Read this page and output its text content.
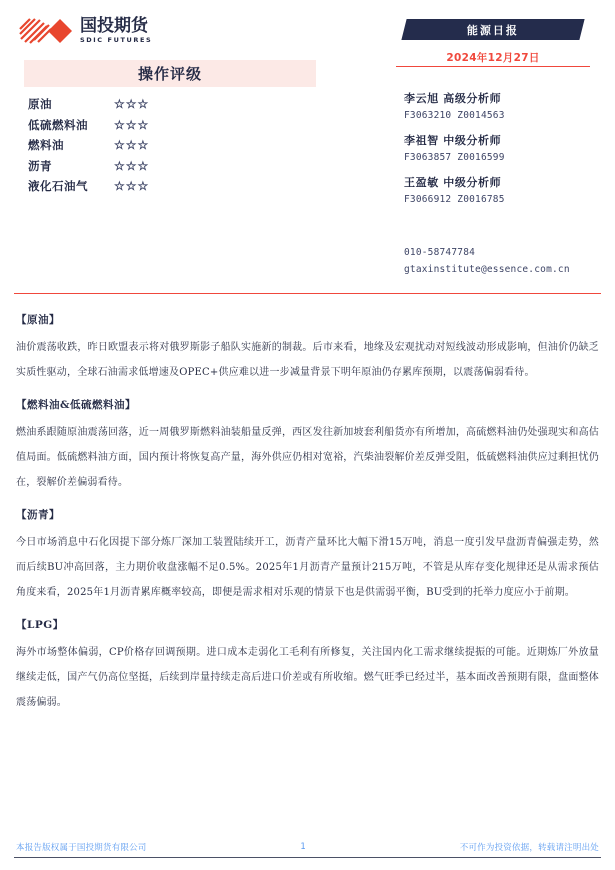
国投期货
SDIC FUTURES
操作评级
原油	☆☆☆
低硫燃料油	☆☆☆
燃料油	☆☆☆
沥青	☆☆☆
液化石油气	☆☆☆
能源日报
2024年12月27日
李云旭 高级分析师
F3063210 Z0014563
李祖智 中级分析师
F3063857 Z0016599
王盈敏 中级分析师
F3066912 Z0016785
010-58747784
gtaxinstitute@essence.com.cn
【原油】
油价震荡收跌，昨日欧盟表示将对俄罗斯影子船队实施新的制裁。后市来看，地缘及宏观扰动对短线波动形成影响，但油价仍缺乏实质性驱动，全球石油需求低增速及OPEC+供应难以进一步减量背景下明年原油仍存累库预期，以震荡偏弱看待。
【燃料油&低硫燃料油】
燃油系跟随原油震荡回落，近一周俄罗斯燃料油装船量反弹，西区发往新加坡套利船货亦有所增加，高硫燃料油仍处强现实和高估值局面。低硫燃料油方面，国内预计将恢复高产量，海外供应仍相对宽裕，汽柴油裂解价差反弹受阻，低硫燃料油供应过剩担忧仍在，裂解价差偏弱看待。
【沥青】
今日市场消息中石化因提下部分炼厂深加工装置陆续开工，沥青产量环比大幅下滑15万吨，消息一度引发早盘沥青偏强走势，然而后续BU冲高回落，主力期价收盘涨幅不足0.5%。2025年1月沥青产量预计215万吨，不管是从库存变化规律还是从需求预估角度来看，2025年1月沥青累库概率较高，即便是需求相对乐观的情景下也是供需弱平衡，BU受到的托举力度应小于前期。
【LPG】
海外市场整体偏弱，CP价格存回调预期。进口成本走弱化工毛利有所修复，关注国内化工需求继续提振的可能。近期炼厂外放量继续走低，国产气仍高位坚挺，后续到岸量持续走高后进口价差或有所收缩。燃气旺季已经过半，基本面改善预期有限，盘面整体震荡偏弱。
本报告版权属于国投期货有限公司	1	不可作为投资依据，转载请注明出处
